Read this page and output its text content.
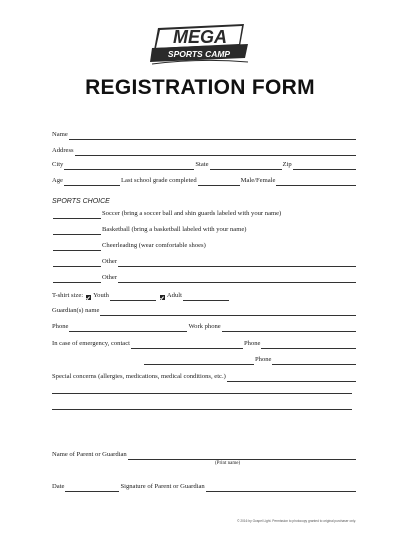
MEGA
SPORTS CAMP
REGISTRATION FORM
Name
Address
City	State	Zip
Age	Last school grade completed	Male/Female
SPORTS CHOICE
Soccer (bring a soccer ball and shin guards labeled with your name)
Basketball (bring a basketball labeled with your name)
Cheerleading (wear comfortable shoes)
Other
Other
T-shirt size: Youth	Adult
Guardian(s) name
Phone	Work phone
In case of emergency, contact	Phone
Phone
Special concerns (allergies, medications, medical conditions, etc.)
Name of Parent or Guardian
(Print name)
Date	Signature of Parent or Guardian
© 2016 by Gospel Light. Permission to photocopy granted to original purchaser only.
